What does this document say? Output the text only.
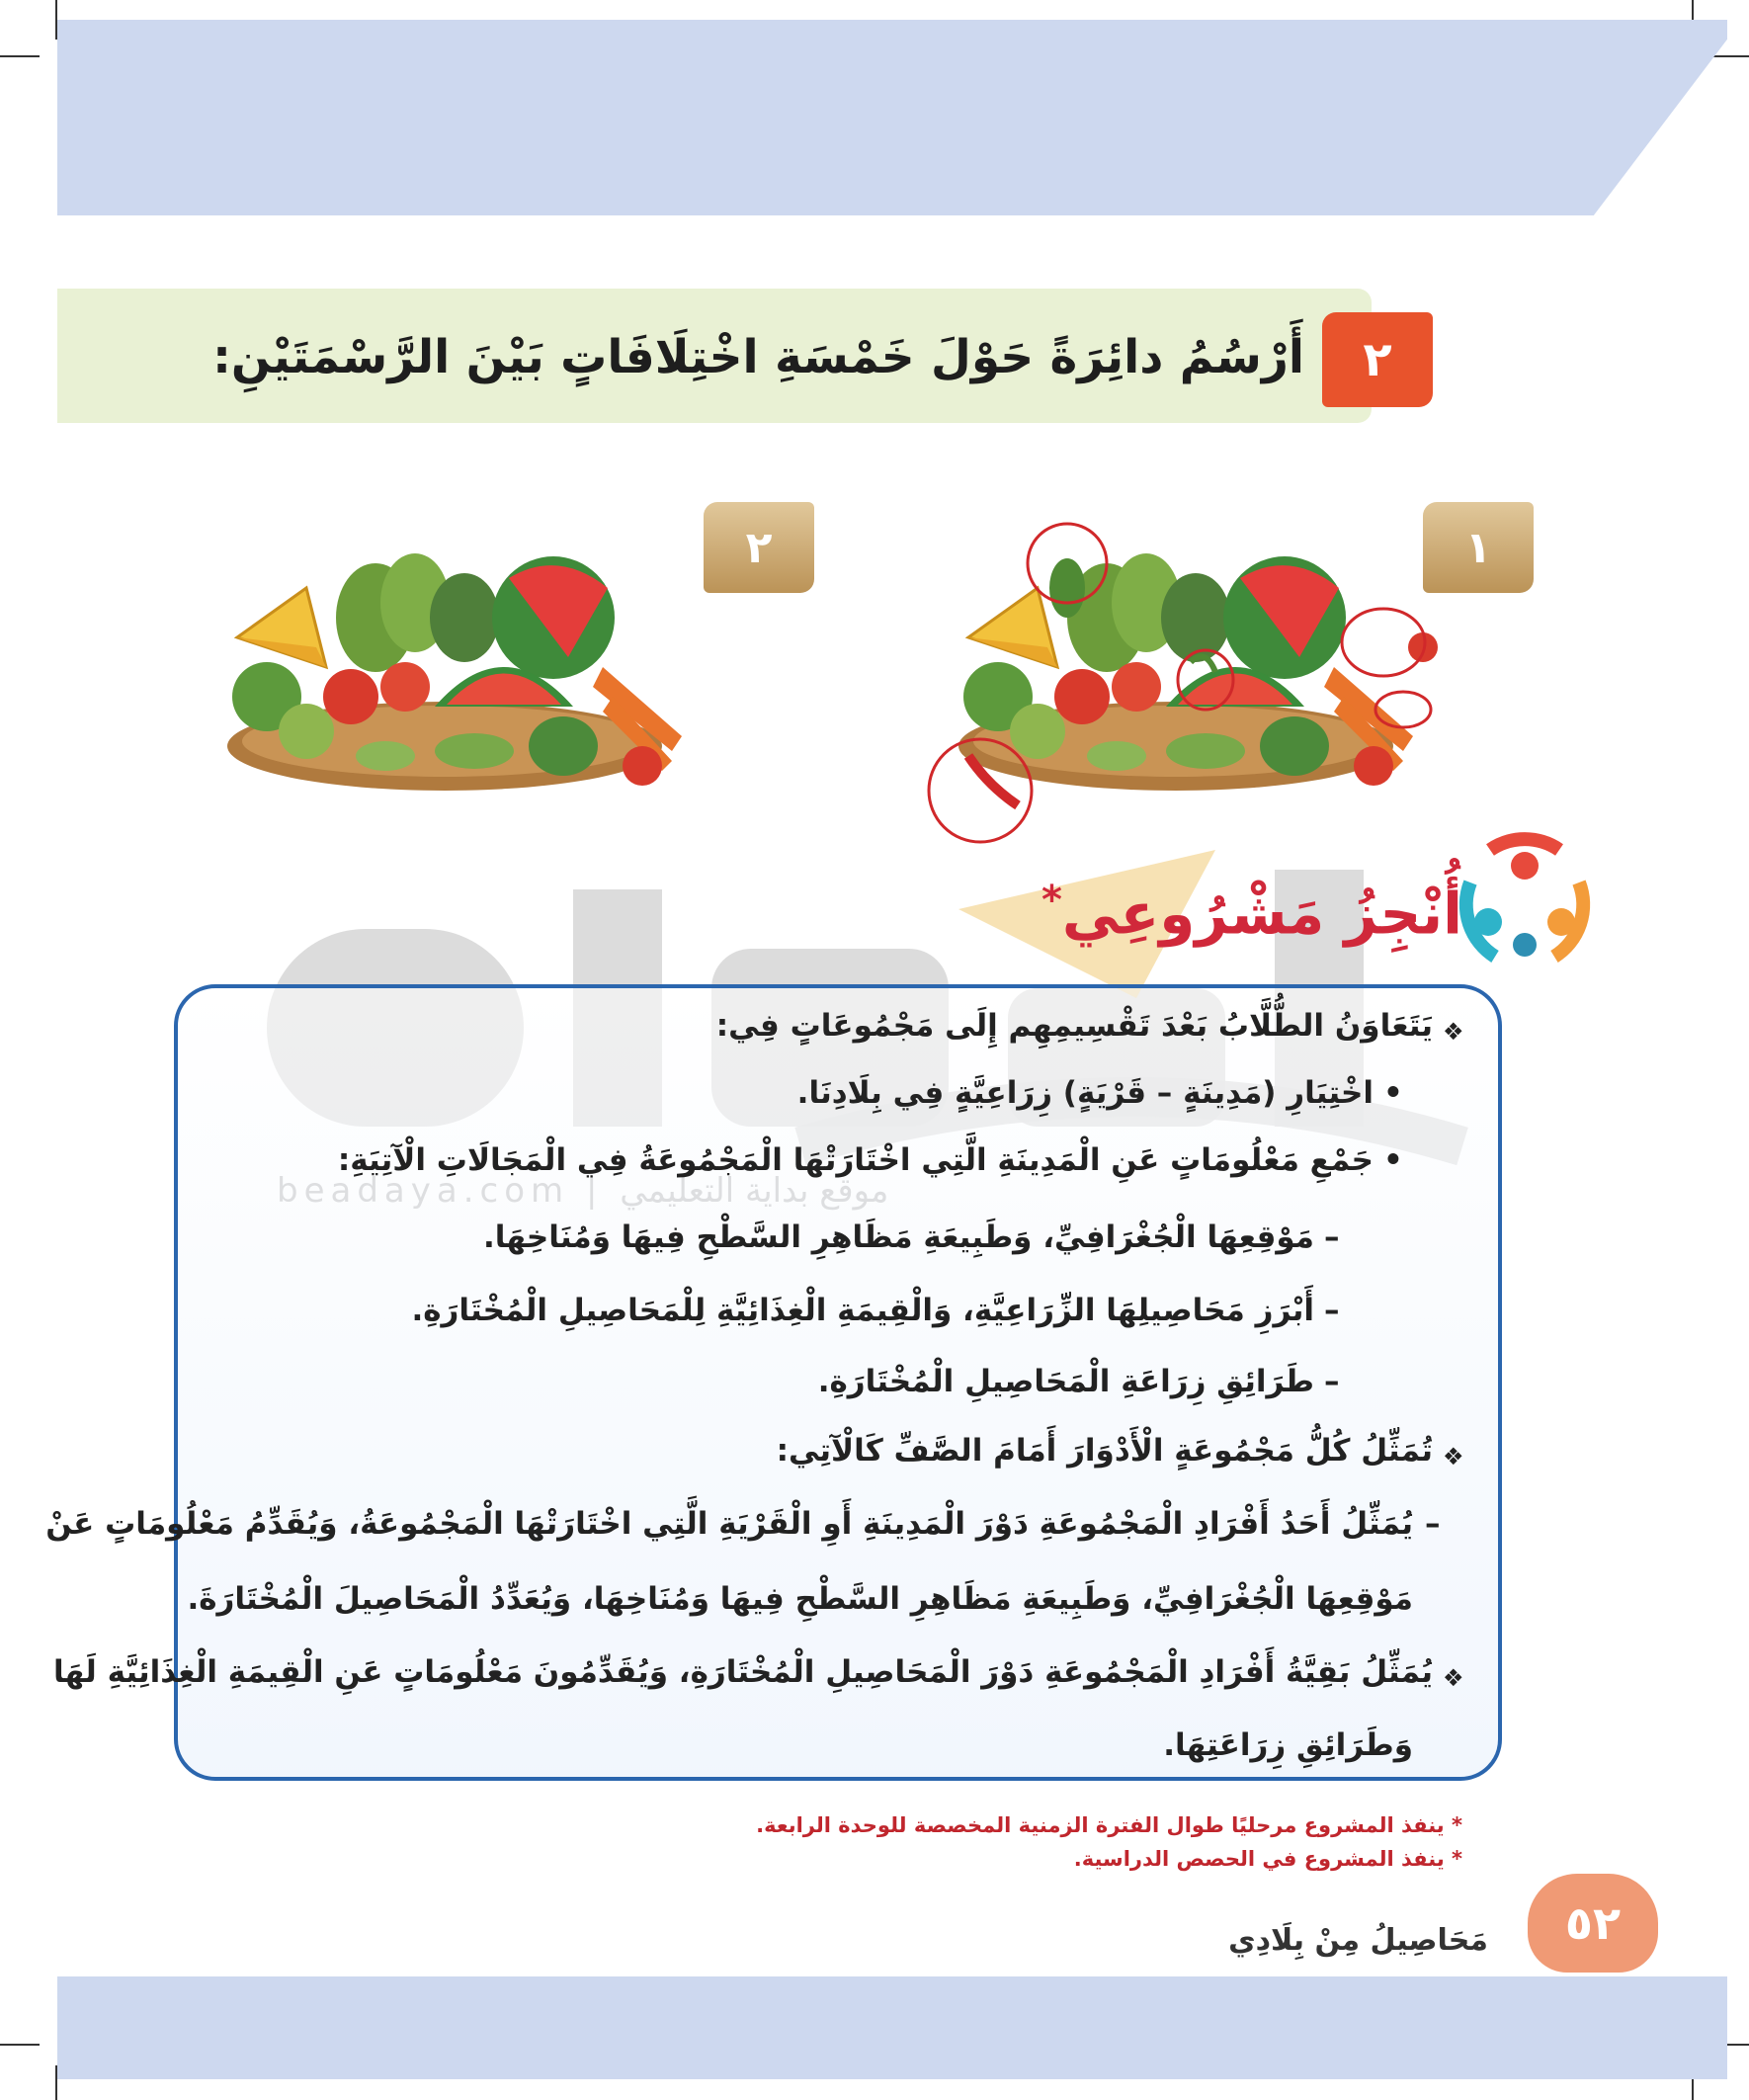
أَرْسُمُ دائِرَةً حَوْلَ خَمْسَةِ اخْتِلَافَاتٍ بَيْنَ الرَّسْمَتَيْنِ:	٢
١
٢
أُنْجِزُ مَشْرُوعِي*
❖
يَتَعَاوَنُ الطُّلَّابُ بَعْدَ تَقْسِيمِهِم إِلَى مَجْمُوعَاتٍ فِي:
•
اخْتِيَارِ (مَدِينَةٍ – قَرْيَةٍ) زِرَاعِيَّةٍ فِي بِلَادِنَا.
•
جَمْعِ مَعْلُومَاتٍ عَنِ الْمَدِينَةِ الَّتِي اخْتَارَتْهَا الْمَجْمُوعَةُ فِي الْمَجَالَاتِ الْآتِيَةِ:
–
مَوْقِعِهَا الْجُغْرَافِيِّ، وَطَبِيعَةِ مَظَاهِرِ السَّطْحِ فِيهَا وَمُنَاخِهَا.
–
أَبْرَزِ مَحَاصِيلِهَا الزِّرَاعِيَّةِ، وَالْقِيمَةِ الْغِذَائِيَّةِ لِلْمَحَاصِيلِ الْمُخْتَارَةِ.
–
طَرَائِقِ زِرَاعَةِ الْمَحَاصِيلِ الْمُخْتَارَةِ.
❖
تُمَثِّلُ كُلُّ مَجْمُوعَةٍ الْأَدْوَارَ أَمَامَ الصَّفِّ كَالْآتِي:
–
يُمَثِّلُ أَحَدُ أَفْرَادِ الْمَجْمُوعَةِ دَوْرَ الْمَدِينَةِ أَوِ الْقَرْيَةِ الَّتِي اخْتَارَتْهَا الْمَجْمُوعَةُ، وَيُقَدِّمُ مَعْلُومَاتٍ عَنْ
مَوْقِعِهَا الْجُغْرَافِيِّ، وَطَبِيعَةِ مَظَاهِرِ السَّطْحِ فِيهَا وَمُنَاخِهَا، وَيُعَدِّدُ الْمَحَاصِيلَ الْمُخْتَارَةَ.
❖
يُمَثِّلُ بَقِيَّةُ أَفْرَادِ الْمَجْمُوعَةِ دَوْرَ الْمَحَاصِيلِ الْمُخْتَارَةِ، وَيُقَدِّمُونَ مَعْلُومَاتٍ عَنِ الْقِيمَةِ الْغِذَائِيَّةِ لَهَا
وَطَرَائِقِ زِرَاعَتِهَا.
* ينفذ المشروع مرحليًا طوال الفترة الزمنية المخصصة للوحدة الرابعة.
* ينفذ المشروع في الحصص الدراسية.
٥٢
مَحَاصِيلُ مِنْ بِلَادِي
